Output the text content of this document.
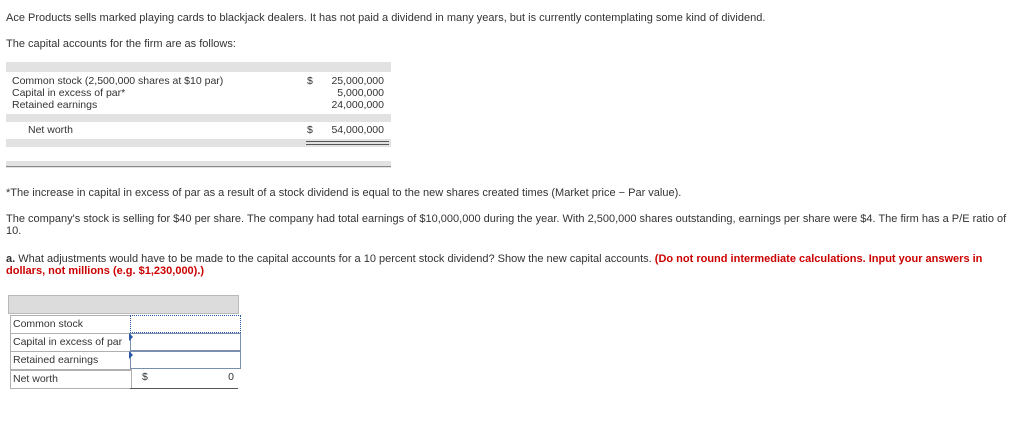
Ace Products sells marked playing cards to blackjack dealers. It has not paid a dividend in many years, but is currently contemplating some kind of dividend.
The capital accounts for the firm are as follows:
Common stock (2,500,000 shares at $10 par)	$	25,000,000
Capital in excess of par*	5,000,000
Retained earnings	24,000,000
Net worth	$	54,000,000
*The increase in capital in excess of par as a result of a stock dividend is equal to the new shares created times (Market price − Par value).
The company's stock is selling for $40 per share. The company had total earnings of $10,000,000 during the year. With 2,500,000 shares outstanding, earnings per share were $4. The firm has a P/E ratio of 10.
a. What adjustments would have to be made to the capital accounts for a 10 percent stock dividend? Show the new capital accounts. (Do not round intermediate calculations. Input your answers in dollars, not millions (e.g. $1,230,000).)
Common stock
Capital in excess of par
Retained earnings
Net worth	$	0
